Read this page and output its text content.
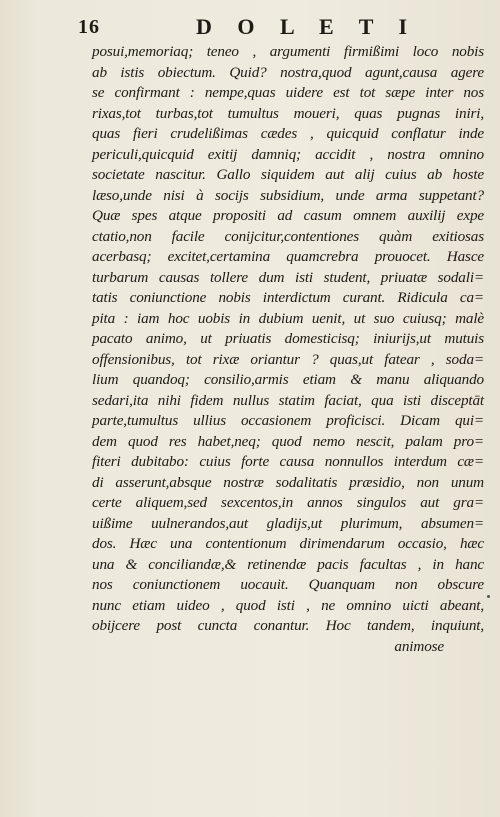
16	D O L E T I
posui,memoriaq; teneo , argumenti firmißimi loco nobis
ab istis obiectum. Quid? nostra,quod agunt,causa agere
se confirmant : nempe,quas uidere est tot sæpe inter nos
rixas,tot turbas,tot tumultus moueri, quas pugnas iniri,
quas fieri crudelißimas cædes , quicquid conflatur inde
periculi,quicquid exitij damniq; accidit , nostra omnino
societate nascitur. Gallo siquidem aut alij cuius ab hoste
læso,unde nisi à socijs subsidium, unde arma suppetant?
Quæ spes atque propositi ad casum omnem auxilij expe
ctatio,non facile conijcitur,contentiones quàm exitiosas
acerbasq; excitet,certamina quamcrebra prouocet. Hasce
turbarum causas tollere dum isti student, priuatæ sodali=
tatis coniunctione nobis interdictum curant. Ridicula ca=
pita : iam hoc uobis in dubium uenit, ut suo cuiusq; malè
pacato animo, ut priuatis domesticisq; iniurijs,ut mutuis
offensionibus, tot rixæ oriantur ? quas,ut fatear , soda=
lium quandoq; consilio,armis etiam & manu aliquando
sedari,ita nihi fidem nullus statim faciat, qua isti disceptāt
parte,tumultus ullius occasionem proficisci. Dicam qui=
dem quod res habet,neq; quod nemo nescit, palam pro=
fiteri dubitabo: cuius forte causa nonnullos interdum cæ=
di asserunt,absque nostræ sodalitatis præsidio, non unum
certe aliquem,sed sexcentos,in annos singulos aut gra=
uißime uulnerandos,aut gladijs,ut plurimum, absumen=
dos. Hæc una contentionum dirimendarum occasio, hæc
una & conciliandæ,& retinendæ pacis facultas , in hanc
nos coniunctionem uocauit. Quanquam non obscure
nunc etiam uideo , quod isti , ne omnino uicti abeant,
obijcere post cuncta conantur. Hoc tandem, inquiunt,
animose
